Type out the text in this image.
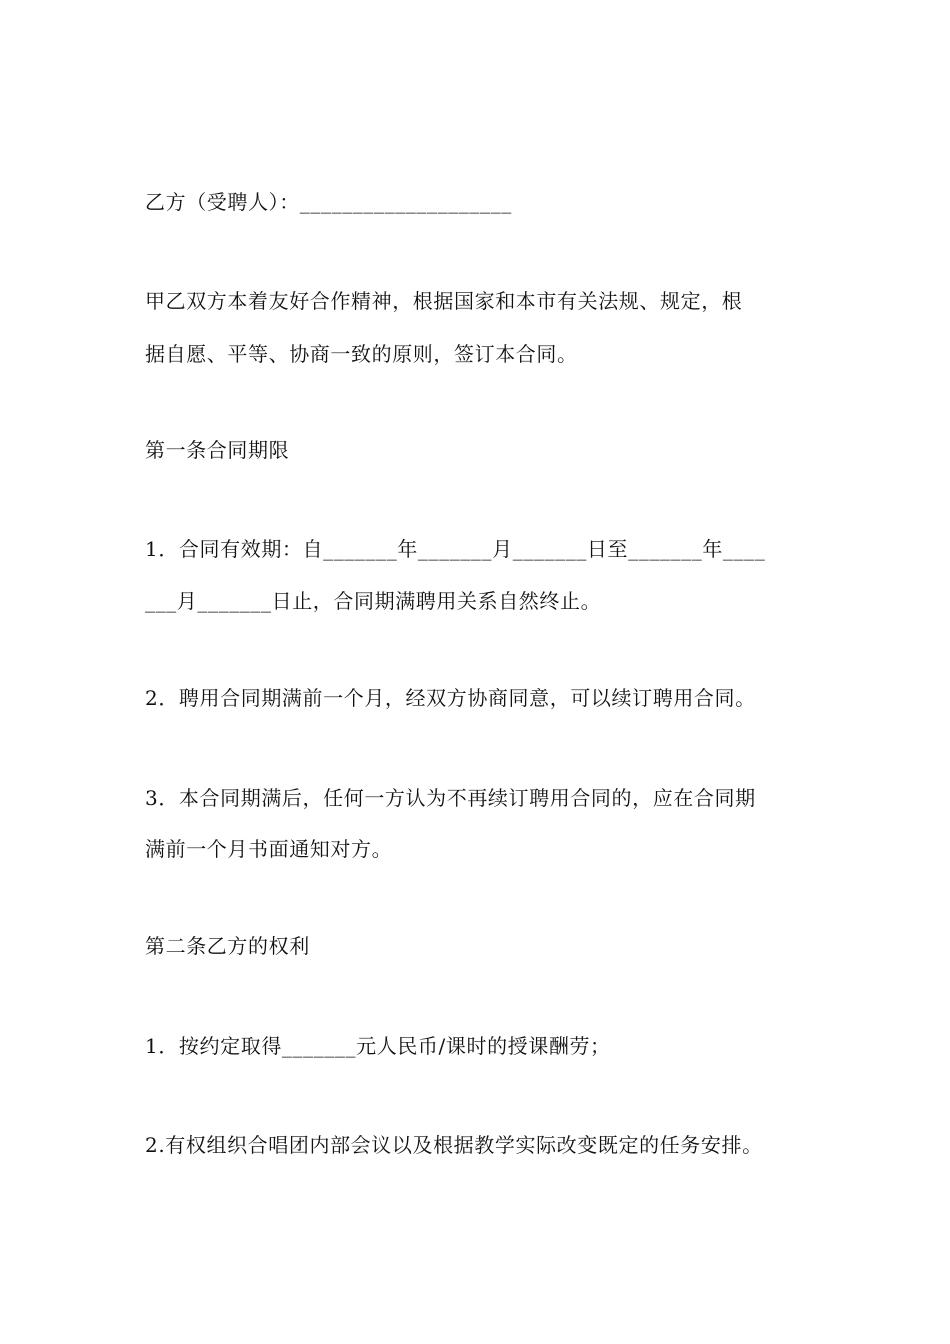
乙方（受聘人）：____________________
甲乙双方本着友好合作精神，根据国家和本市有关法规、规定，根
据自愿、平等、协商一致的原则，签订本合同。
第一条合同期限
1．合同有效期：自_______年_______月_______日至_______年____
___月_______日止，合同期满聘用关系自然终止。
2．聘用合同期满前一个月，经双方协商同意，可以续订聘用合同。
3．本合同期满后，任何一方认为不再续订聘用合同的，应在合同期
满前一个月书面通知对方。
第二条乙方的权利
1．按约定取得_______元人民币/课时的授课酬劳；
2.有权组织合唱团内部会议以及根据教学实际改变既定的任务安排。
